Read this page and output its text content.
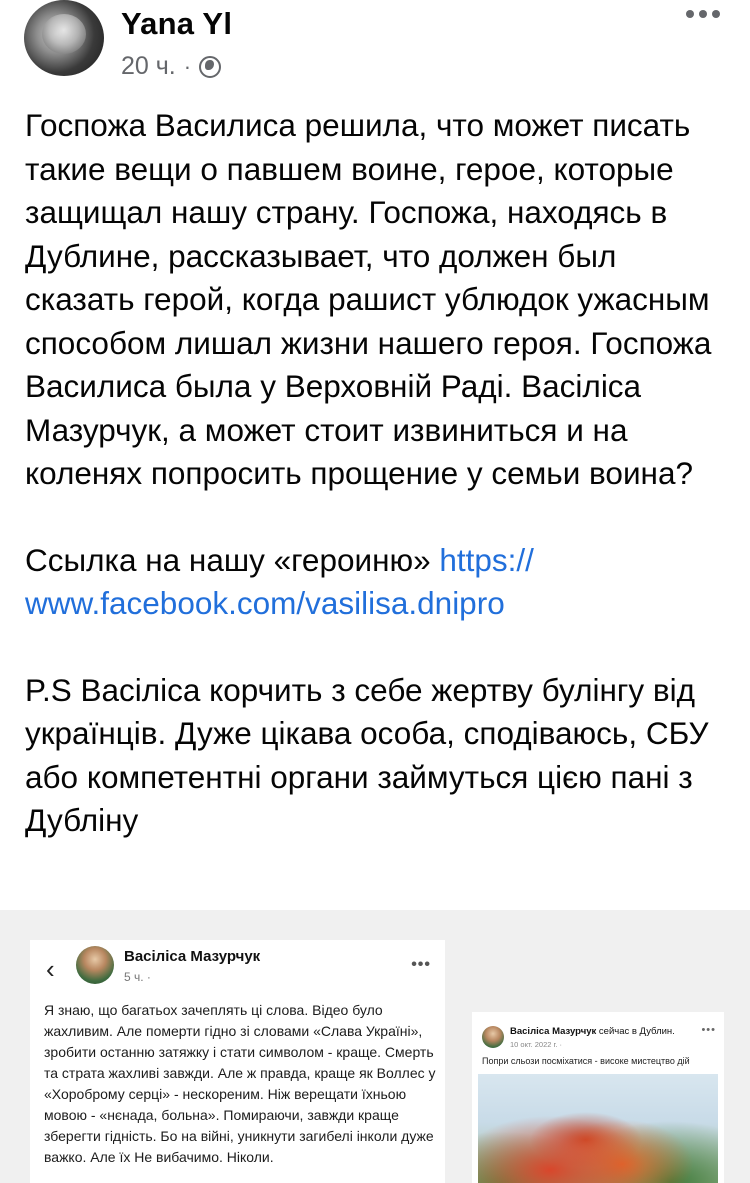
Yana Yl
20 ч. ·

Госпожа Василиса решила, что может писать такие вещи о павшем воине, герое, которые защищал нашу страну. Госпожа, находясь в Дублине, рассказывает, что должен был сказать герой, когда рашист ублюдок ужасным способом лишал жизни нашего героя. Госпожа Василиса была у Верховній Раді. Васіліса Мазурчук, а может стоит извиниться и на коленях попросить прощение у семьи воина?

Ссылка на нашу «героиню» https://
www.facebook.com/vasilisa.dnipro

P.S Васіліса корчить з себе жертву булінгу від українців. Дуже цікава особа, сподіваюсь, СБУ або компетентні органи займуться цією пані з Дубліну

‹	Васіліса Мазурчук
5 ч. ·
•••
Я знаю, що багатьох зачеплять ці слова. Відео було жахливим. Але померти гідно зі словами «Слава Україні», зробити останню затяжку і стати символом - краще. Смерть та страта жахливі завжди. Але ж правда, краще як Воллес у «Хороброму серці» - нескореним. Ніж верещати їхньою мовою - «нєнада, больна». Помираючи, завжди краще зберегти гідність. Бо на війні, уникнути загибелі інколи дуже важко. Але їх Не вибачимо. Ніколи.
Васіліса Мазурчук сейчас в Дублин.
10 окт. 2022 г. ·
•••
Попри сльози посміхатися - високе мистецтво дій
